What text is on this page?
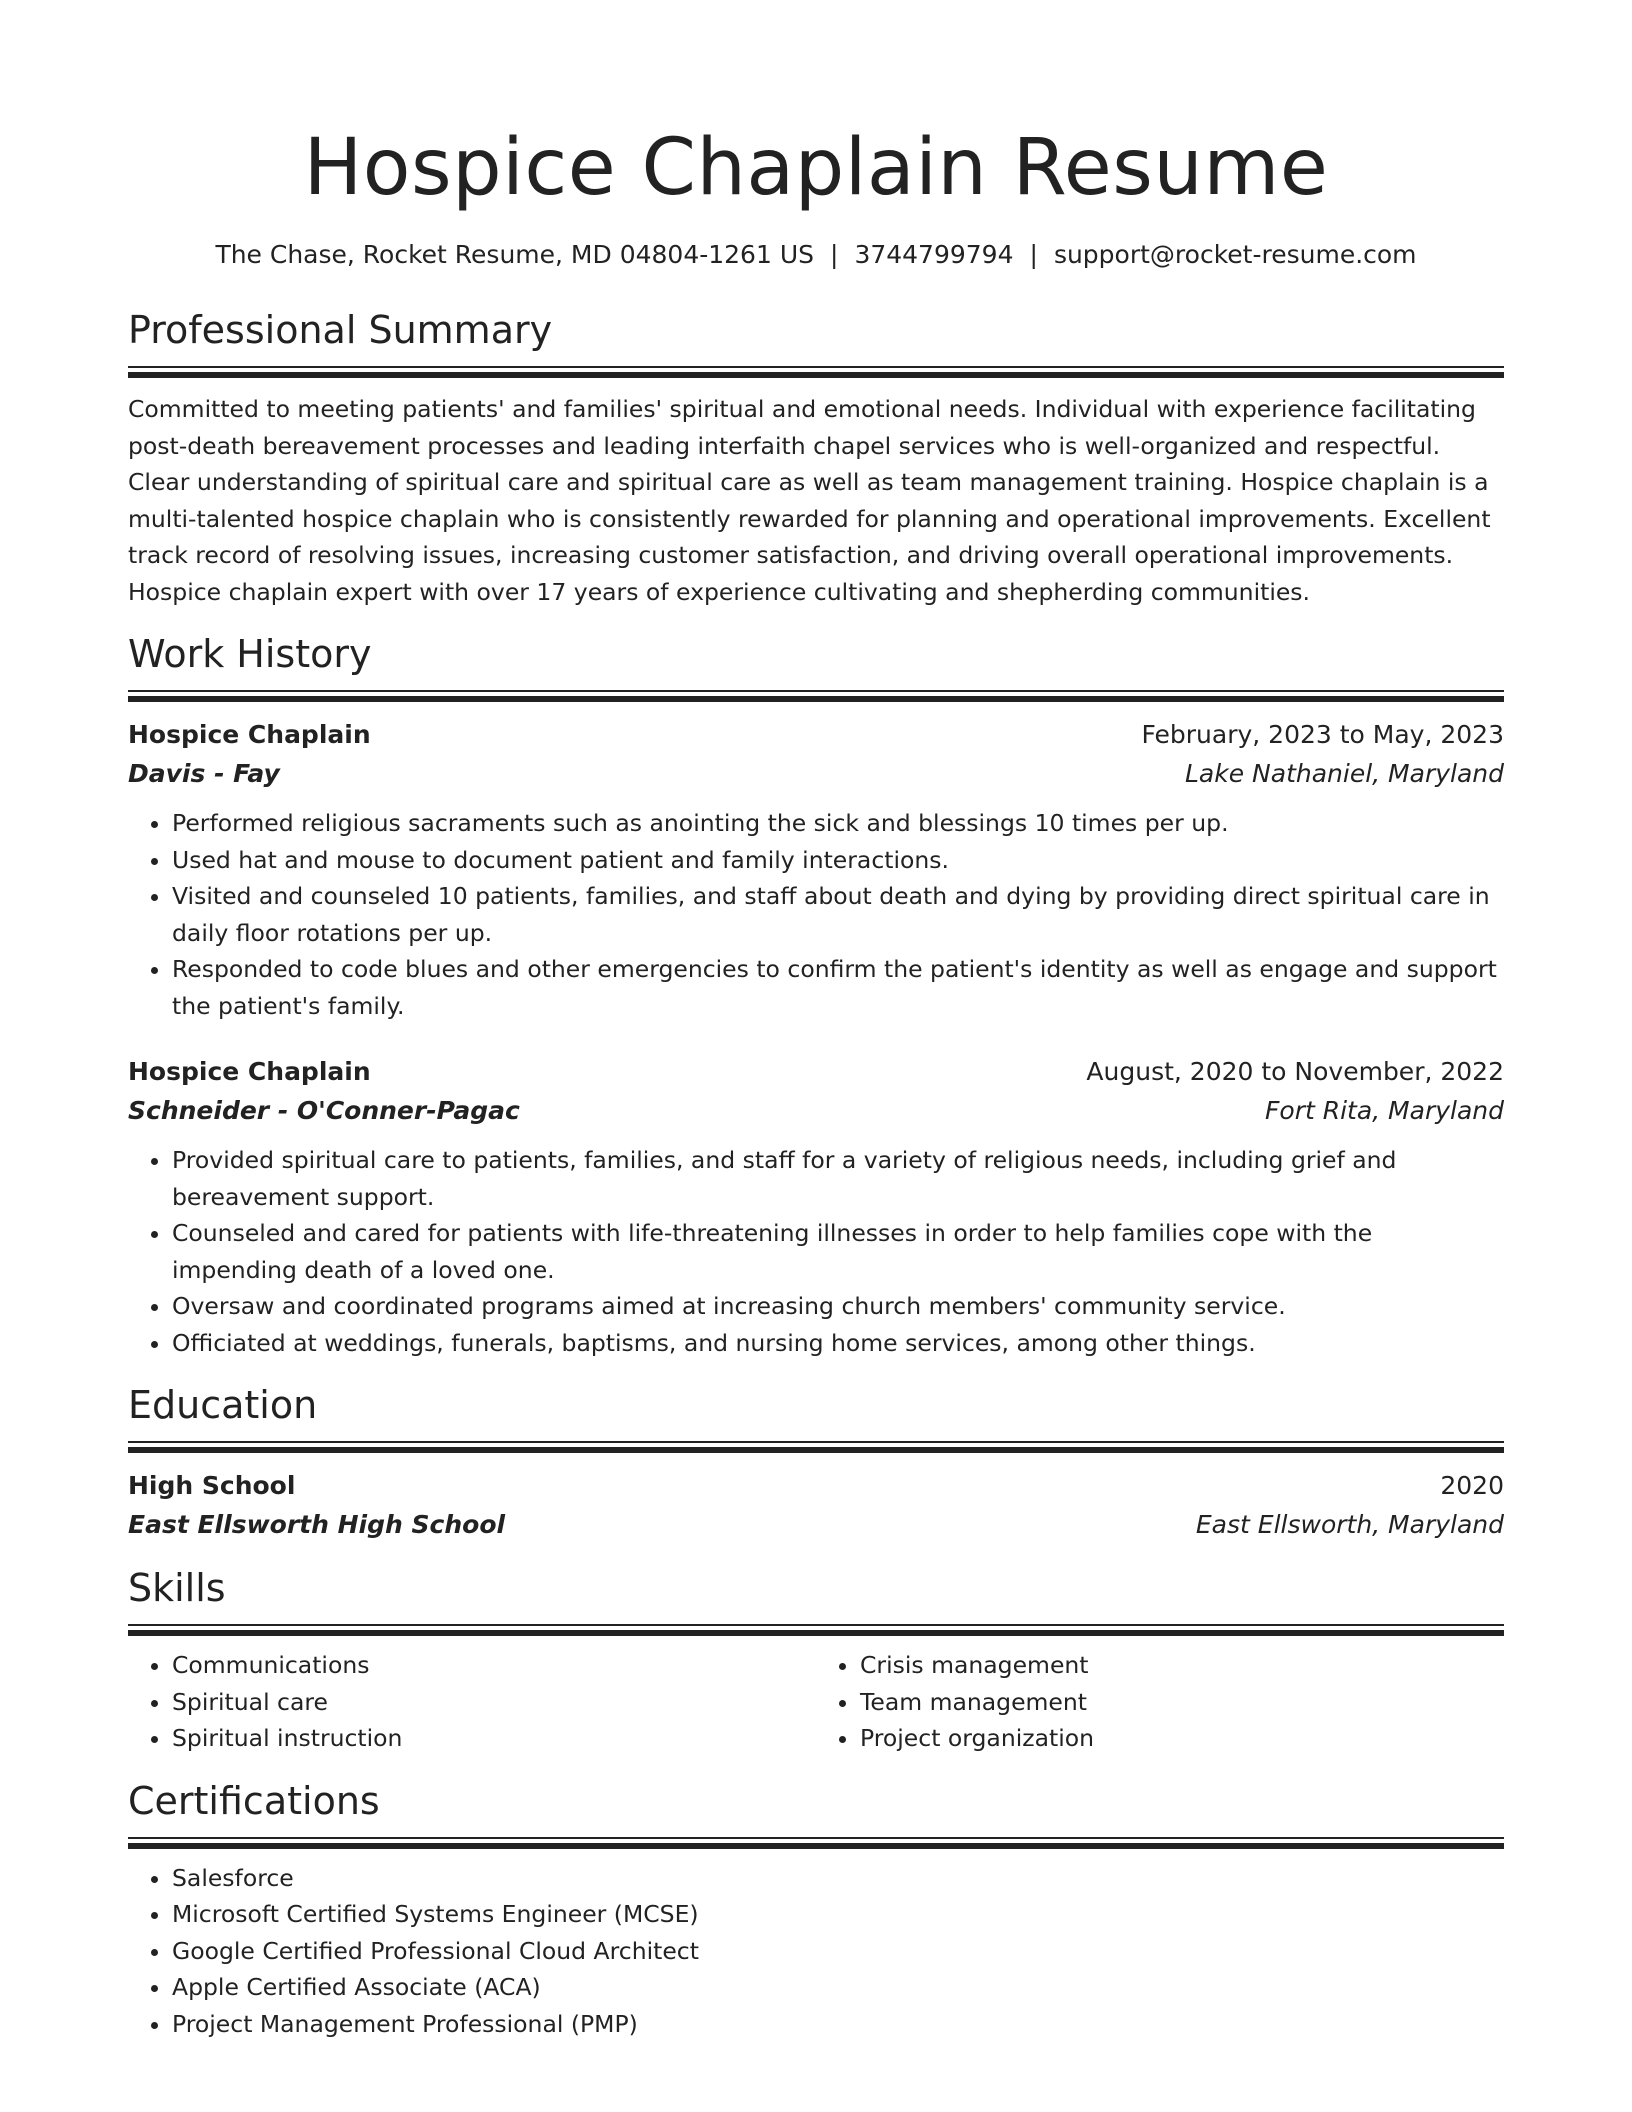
Hospice Chaplain Resume
The Chase, Rocket Resume, MD 04804-1261 US | 3744799794 | support@rocket-resume.com
Professional Summary
Committed to meeting patients' and families' spiritual and emotional needs. Individual with experience facilitating post-death bereavement processes and leading interfaith chapel services who is well-organized and respectful. Clear understanding of spiritual care and spiritual care as well as team management training. Hospice chaplain is a multi-talented hospice chaplain who is consistently rewarded for planning and operational improvements. Excellent track record of resolving issues, increasing customer satisfaction, and driving overall operational improvements. Hospice chaplain expert with over 17 years of experience cultivating and shepherding communities.
Work History
Hospice Chaplain	February, 2023 to May, 2023
Davis - Fay	Lake Nathaniel, Maryland
• Performed religious sacraments such as anointing the sick and blessings 10 times per up.
• Used hat and mouse to document patient and family interactions.
• Visited and counseled 10 patients, families, and staff about death and dying by providing direct spiritual care in daily floor rotations per up.
• Responded to code blues and other emergencies to confirm the patient's identity as well as engage and support the patient's family.
Hospice Chaplain	August, 2020 to November, 2022
Schneider - O'Conner-Pagac	Fort Rita, Maryland
• Provided spiritual care to patients, families, and staff for a variety of religious needs, including grief and bereavement support.
• Counseled and cared for patients with life-threatening illnesses in order to help families cope with the impending death of a loved one.
• Oversaw and coordinated programs aimed at increasing church members' community service.
• Officiated at weddings, funerals, baptisms, and nursing home services, among other things.
Education
High School	2020
East Ellsworth High School	East Ellsworth, Maryland
Skills
• Communications
• Spiritual care
• Spiritual instruction
• Crisis management
• Team management
• Project organization
Certifications
• Salesforce
• Microsoft Certified Systems Engineer (MCSE)
• Google Certified Professional Cloud Architect
• Apple Certified Associate (ACA)
• Project Management Professional (PMP)
